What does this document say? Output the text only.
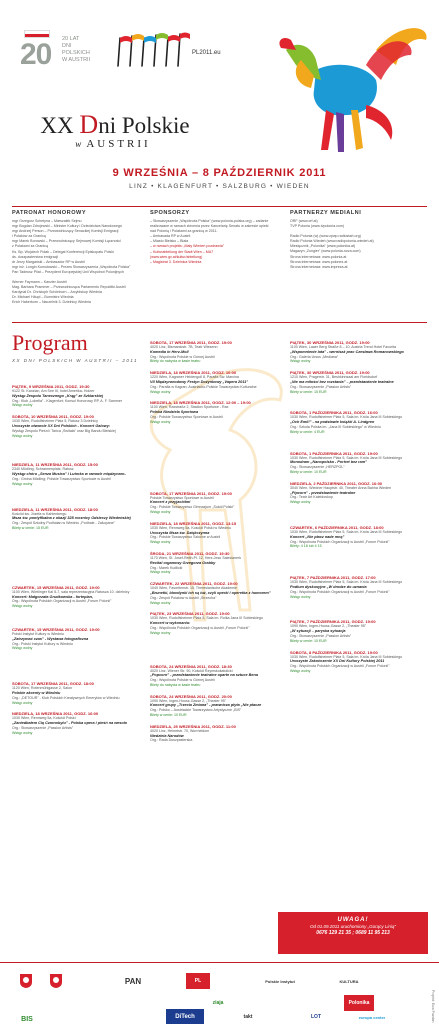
20 20 LAT
DNI
POLSKICH
W AUSTRII
PL2011.eu
XX Dni Polskie
w AUSTRII
9 WRZEŚNIA – 8 PAŹDZIERNIK 2011
LINZ • KLAGENFURT • SALZBURG • WIEDEN
PATRONAT HONOROWY

mgr Grzegorz Schetyna – Marszałek Sejmu

mgr Bogdan Zdrojewski – Minister Kultury i Dziedzictwa Narodowego

mgr Andrzej Person – Przewodniczący Senackiej Komisji Emigracji

i Polaków za Granicą

mgr Marek Borowski – Przewodniczący Sejmowej Komisji Łączności

z Polakami za Granicą

Ks. Bp. Wojciech Polak – Delegat Konferencji Episkopatu Polski

ds. duszpasterstwa emigracji

dr Jerzy Margański – Ambasador RP w Austrii

mgr inż. Longin Komołowski – Prezes Stowarzyszenia „Wspólnota Polska"

Pan Tadeusz Pilat – Prezydent Europejskiej Unii Wspólnot Polonijnych

Werner Faymann – Kanzler Austrii

Mag. Barbara Prammer – Przewodnicząca Parlamentu Republiki Austrii

Kardynał Dr. Christoph Schönborn – Arcybiskup Wiednia

Dr. Michael Häupl – Burmistrz Wiednia

Erich Haberkorn – Naczelnik 3. Dzielnicy Wiednia

SPONSORZY

– Stowarzyszenie „Wspólnota Polska" (www.polonia-polska.org) – zadanie

realizowane w ramach zlecenia przez Kancelarię Senatu w zakresie opieki

nad Polonią i Polakami za granicą w 2011.

– Ambasada RP w Austrii

– Miasto Bielsko – Biała

– w ramach projektu „Mały Wiedeń pozdrawia"

– Kulturabteilung der Stadt Wien – MA7

(www.wien.gv.at/kultur/abteilung)

– Magistrat 3. Dzielnica Wiednia

PARTNERZY MEDIALNI

ORF (www.orf.at)

TVP Polonia (www.tvpolonia.com)

Radio Polonia (w) (www.zpwp.radiostart.org)

Radio Polonia Wiedeń (www.radiopolonia-wiedeń.at)

Miesięcznik „Polonika" (www.polonika.at)

Magazyn „Zungler" (www.polonia-nova.com)

Strona internetowa: www.polonia.at

Strona internetowa: www.polonez.at

Strona internetowa: www.impreza.at

Program
XX DNI POLSKICH W AUSTRII – 2011
PIĄTEK, 9 WRZEŚNIA 2011, GODZ. 19:30
9122 St. Kanzian, Am See III, hotel Amerika- Holzer
Wystąp Zespołu Tanecznego „Krąg" ze Szklarskiej
Org.: Klub „Lobelia" - Klagenfurt; Konsul Honorowy RP, A. F. Sammer
Wstęp wolny
SOBOTA, 10 WRZEŚNIA 2011, GODZ. 19:00
1030 Wien, Rudolfsheimer Platz 5, Ratusz 3 Dzielnicy
Uroczyste otwarcie XX Dni Polskich - Koncert Galowy:
Wystąp Zespołu Pieśni i Tańca „Świtała" oraz Big Bandu Bielskiej
Wstęp wolny
NIEDZIELA, 11 WRZEŚNIA 2011, GODZ. 15:00
2340 Mödling, Schrannenplatz, Ratusz
Wystąp chóru „Senza Musica" i Lutorka w ramach międzynaro-
Org.: Gmina Mödling; Polskie Towarzystwo Sportowe w Austrii
Wstęp wolny
NIEDZIELA, 11 WRZEŚNIA 2011, GODZ. 18:00
Kościół św. Józefa w Kahlenbergu
Msza św. pontyfikalna z okazji 328 rocznicy Odsieczy Wiedeńskiej
Org.: Zespół Szkolny Podhalan w Wiedniu „Podhale - Zakopane"
Bilety w cenie: 15 EUR
CZWARTEK, 15 WRZEŚNIA 2011, GODZ. 19:00
1100 Wien, Wietlinger Kai 5-7, sala reprezentacyjna Ratusza 10. dzielnicy
Koncert: Małgorzata Grudkowska - fortepian,
Org.: Wspólnota Polskich Organizacji w Austrii „Forum Polonii"
Wstęp wolny
CZWARTEK, 15 WRZEŚNIA 2011, GODZ. 19:00
Polski Instytut Kultury w Wiedniu
„Zatrzymać czas" - Wystawa fotograficzna
Org.: Polski Instytut Kultury w Wiedniu
Wstęp wolny
SOBOTA, 17 WRZEŚNIA 2011, GODZ. 18:00
1120 Wien, Rotenmühlgasse 2, Salon
Polskie akcenty w Wiedniu
Org.: „DETOUR" - Klub Polskich Kreatywnych Emerytów w Wiedniu
Wstęp wolny
NIEDZIELA, 18 WRZEŚNIA 2011, GODZ. 16:00
1030 Wien, Rennweg 5a, Kościół Polski
„Zaniedbałem Cię Czarnobylu" - Polska opera i pieśń na wesoło
Org.: Stowarzyszenie „Passion Artists"
Wstęp wolny
SOBOTA, 17 WRZEŚNIA 2011, GODZ. 19:00
4020 Linz, Bismarckstr. 7B, Teatr Wiesenn
Komedia in Herz-Moll
Org.: Wspólnota Polskie w Górnej Austrii
Bilety do nabycia w kasie teatru
NIEDZIELA, 18 WRZEŚNIA 2011, GODZ. 10:00
1220 Wien, Kagraner Heldengoll 8, Parafia Św. Marcina
VII Międzynarodowy Festyn Dożynkowy „Vapera 2011"
Org.: Parafia w Kagran; Austriacko-Polskie Towarzystwo Kulturalne
Wstęp wolny
NIEDZIELA, 18 WRZEŚNIA 2011, GODZ. 12:00 – 19:00
1100 Wien, Raxstraße 2, Stadion Sportowe - Rax
Polska Niedziela Sportowa
Org.: Polskie Towarzystwo Sportowe w Austrii
Wstęp wolny
SOBOTA, 17 WRZEŚNIA 2011, GODZ. 19:00
Polskie Towarzystwo Sportowe w Austrii
Koncert z przyjaciółmi
Org.: Polskie Towarzystwo Gimnazjum „Sokół Polski"
Wstęp wolny
NIEDZIELA, 18 WRZEŚNIA 2011, GODZ. 13:15
1030 Wien, Rennweg 5a, Kościół Polski w Wiedniu
Uroczysta Msza św. Dziękczynna
Org.: Polskie Towarzystwo Szkolne w Austrii
Wstęp wolny
ŚRODA, 21 WRZEŚNIA 2011, GODZ. 19:30
1170 Wien, St. Josef-Reith-Pl. 12, Herz-Jesu Salesianerk
Recital organowy Grzegorza Grabby
Org.: Marek Kudlicki
Wstęp wolny
CZWARTEK, 22 WRZEŚNIA 2011, GODZ. 19:00
1040 Wien, Favoritenstr. 15, Theresianische Akademie
„Brunetki, blondynki ich są tuż, czyli operki i operetka z humorem"
Org.: Zespół Polaków w Austrii „Strzecha"
Wstęp wolny
PIĄTEK, 23 WRZEŚNIA 2011, GODZ. 19:00
1030 Wien, Rudolfsheimer Platz 5, Sala im. Rolka Jana III Sobieskiego
Koncert w wykonaniu:
Org.: Wspólnota Polskich Organizacji w Austrii „Forum Polonii"
Wstęp wolny
SOBOTA, 24 WRZEŚNIA 2011, GODZ. 18:30
4020 Linz, Wiener Str. 90, Kościół Rzymskokatolicki
„Popcorn" - przedstawienie teatralne oparte na sztuce Bena
Org.: Wspólnota Polskie w Górnej Austrii
Bilety do nabycia w kasie teatru
SOBOTA, 24 WRZEŚNIA 2011, GODZ. 20:00
1090 Wien, Ingen-Housz-Gasse 2, „Theater 95"
Koncert grupy „Trzecia Zmiana" - prawnicza płyta „Nie płacze
Org.: Polsko – Austriackie Towarzystwo Artystyczne „BIS"
Bilety w cenie: 10 EUR
NIEDZIELA, 25 WRZEŚNIA 2011, GODZ. 11:00
4020 Linz, Heimrtstr. 70, Wurmeldom
Niedziela Narodów
Org.: Rada Duszpasterska
PIĄTEK, 30 WRZEŚNIA 2011, GODZ. 19:00
1100 Wien, Laaer Berg Straße 8 – 10, Austria Trend Hotel Favorita
„Wspomnienie lata" - wernisaż prac Czesława Romanowskiego
Org.: Galeria Ursus „Mediana"
Wstęp wolny
PIĄTEK, 30 WRZEŚNIA 2011, GODZ. 19:00
1210 Wien, Pragerstr. 31, Beshkinnsaal am Floridsdorf
„Nie ma miłości bez rozstania" – przedstawienie teatralne
Org.: Stowarzyszenie „Passion Artists"
Bilety w cenie: 15 EUR
SOBOTA, 1 PAŹDZIERNIKA 2011, GODZ. 16:00
1030 Wien, Rudolfsheimer Platz 5, Sala im. Króla Jana III Sobieskiego
„Och Emil!" - na podstawie książki A. Lindgren
Org.: Szkoła Polska im. „Jana III Sobieskiego" w Wiedniu
Bilety w cenie: 4 EUR
SOBOTA, 1 PAŹDZIERNIKA 2011, GODZ. 19:00
1030 Wien, Rudolfsheimer Platz 5, Sala im. Króla Jana III Sobieskiego
Monodram „Nanopolska - Portret bez ram"
Org.: Stowarzyszenie „HERZPOL"
Bilety w cenie: 10 EUR
NIEDZIELA, 2 PAŹDZIERNIKA 2011, GODZ. 16:00
3040 Wien, Wiedner Hauptstr. 40, Theater Anna Bahha Wiedeń
„Pipcorn" - przedstawienie teatralne
Org.: Teatr Art Kaleidoskop
Wstęp wolny
CZWARTEK, 6 PAŹDZIERNIKA 2011, GODZ. 18:00
1030 Wien, Rudolfsheimer Platz 5, Sala im. Króla Jana III Sobieskiego
Koncert „Nie płacz nade mną"
Org.: Wspólnota Polskich Organizacji w Austrii „Forum Polonii"
Bilety: 4 18 lub 4 15
PIĄTEK, 7 PAŹDZIERNIKA 2011, GODZ. 17:00
1030 Wien, Rudolfsheimer Platz 5, Sala im. Króla Jana III Sobieskiego
Podium dyskusyjne „W drodze do uznania
Org.: Wspólnota Polskich Organizacji w Austrii „Forum Polonii"
Wstęp wolny
PIĄTEK, 7 PAŹDZIERNIKA 2011, GODZ. 19:00
1090 Wien, Ingen-Housz-Gasse 2, „Theater 95"
„W sytuacji – paryska sytuacja
Org.: Stowarzyszenie „Passion Artists"
Bilety w cenie: 10 EUR
SOBOTA, 8 PAŹDZIERNIKA 2011, GODZ. 19:00
1030 Wien, Rudolfsheimer Platz 5, Sala im. Króla Jana III Sobieskiego
Uroczyste Zakończenie XX Dni Kultury Polskiej 2011
Org.: Wspólnota Polskich Organizacji w Austrii „Forum Polonii"
Wstęp wolny
UWAGA!
Od 01.09.2011 uruchomiony „Gorący Linią"
0676 129 21 35 ; 0689 11 95 213
PAN	PL	Polskie Instytut	KULTURA
ziaja	Polonika
BIS	DiTech	takt	LOT	europa center	Projekt: Ewa Pazdan
